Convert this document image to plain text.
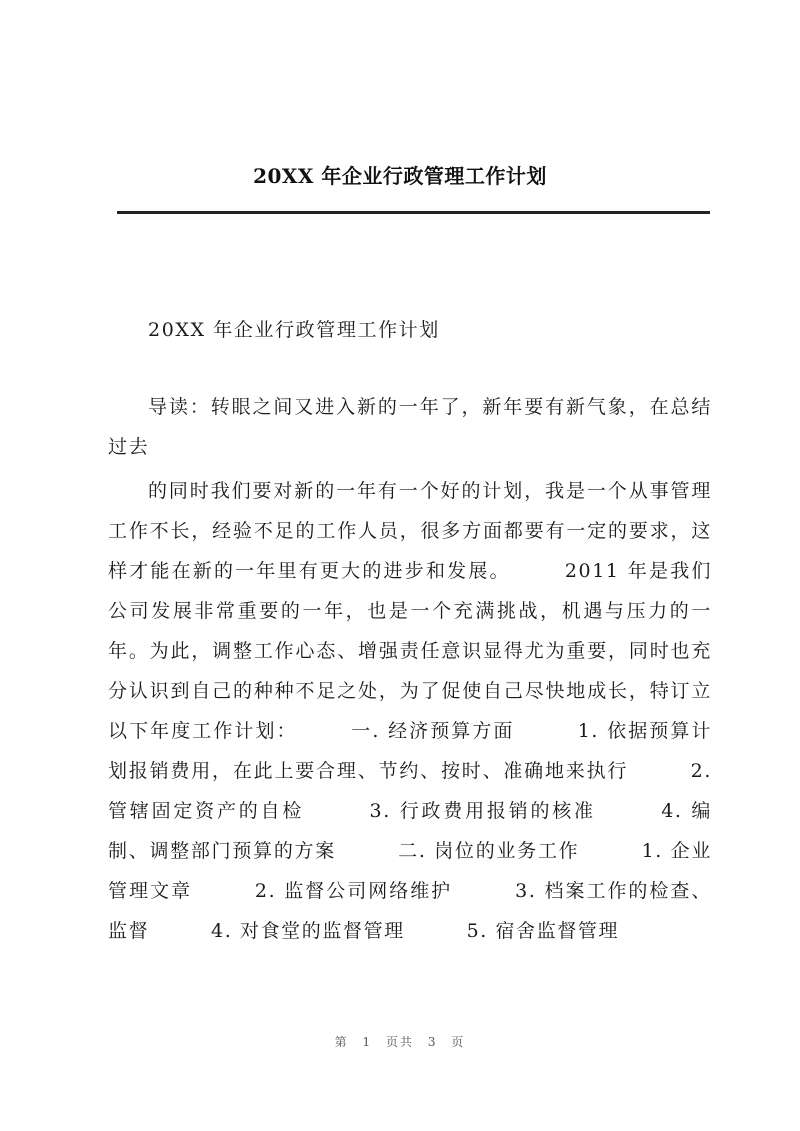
20XX 年企业行政管理工作计划

20XX 年企业行政管理工作计划

导读：转眼之间又进入新的一年了，新年要有新气象，在总结过去

的同时我们要对新的一年有一个好的计划，我是一个从事管理工作不长，经验不足的工作人员，很多方面都要有一定的要求，这样才能在新的一年里有更大的进步和发展。　　　2011 年是我们公司发展非常重要的一年，也是一个充满挑战，机遇与压力的一年。为此，调整工作心态、增强责任意识显得尤为重要，同时也充分认识到自己的种种不足之处，为了促使自己尽快地成长，特订立以下年度工作计划：　　　一. 经济预算方面　　　1. 依据预算计划报销费用，在此上要合理、节约、按时、准确地来执行　　　2. 管辖固定资产的自检　　　3. 行政费用报销的核准　　　4. 编制、调整部门预算的方案　　　二. 岗位的业务工作　　　1. 企业管理文章　　　2. 监督公司网络维护　　　3. 档案工作的检查、监督　　　4. 对食堂的监督管理　　　5. 宿舍监督管理

第 1 页共 3 页
